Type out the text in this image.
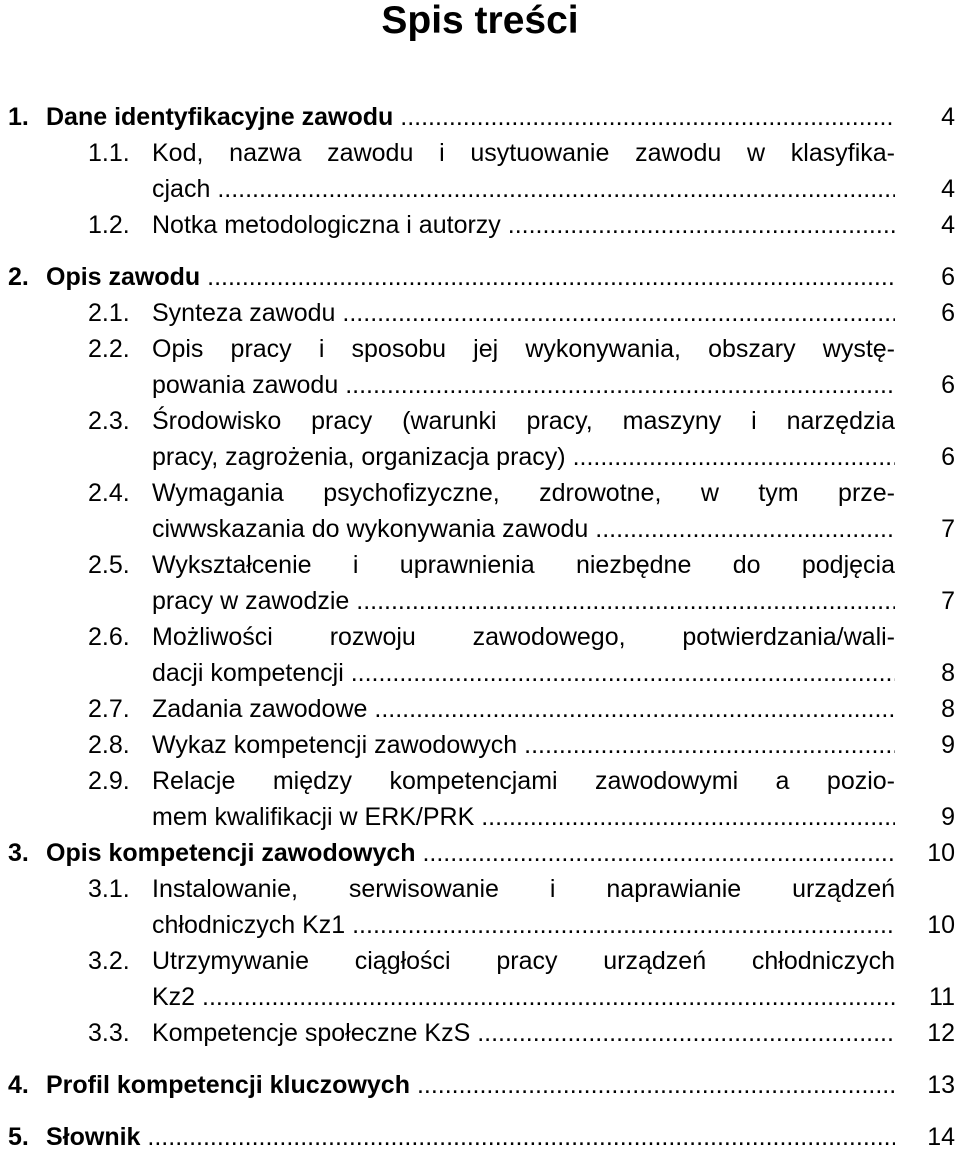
Spis treści
1. Dane identyfikacyjne zawodu .....	4
1.1. Kod, nazwa zawodu i usytuowanie zawodu w klasyfika-
cjach .....	4
1.2. Notka metodologiczna i autorzy .....	4
2. Opis zawodu .....	6
2.1. Synteza zawodu .....	6
2.2. Opis pracy i sposobu jej wykonywania, obszary wystę-
powania zawodu .....	6
2.3. Środowisko pracy (warunki pracy, maszyny i narzędzia
pracy, zagrożenia, organizacja pracy) .....	6
2.4. Wymagania psychofizyczne, zdrowotne, w tym prze-
ciwwskazania do wykonywania zawodu .....	7
2.5. Wykształcenie i uprawnienia niezbędne do podjęcia
pracy w zawodzie .....	7
2.6. Możliwości rozwoju zawodowego, potwierdzania/wali-
dacji kompetencji .....	8
2.7. Zadania zawodowe .....	8
2.8. Wykaz kompetencji zawodowych .....	9
2.9. Relacje między kompetencjami zawodowymi a pozio-
mem kwalifikacji w ERK/PRK .....	9
3. Opis kompetencji zawodowych .....	10
3.1. Instalowanie, serwisowanie i naprawianie urządzeń
chłodniczych Kz1 .....	10
3.2. Utrzymywanie ciągłości pracy urządzeń chłodniczych
Kz2 .....	11
3.3. Kompetencje społeczne KzS .....	12
4. Profil kompetencji kluczowych .....	13
5. Słownik .....	14
